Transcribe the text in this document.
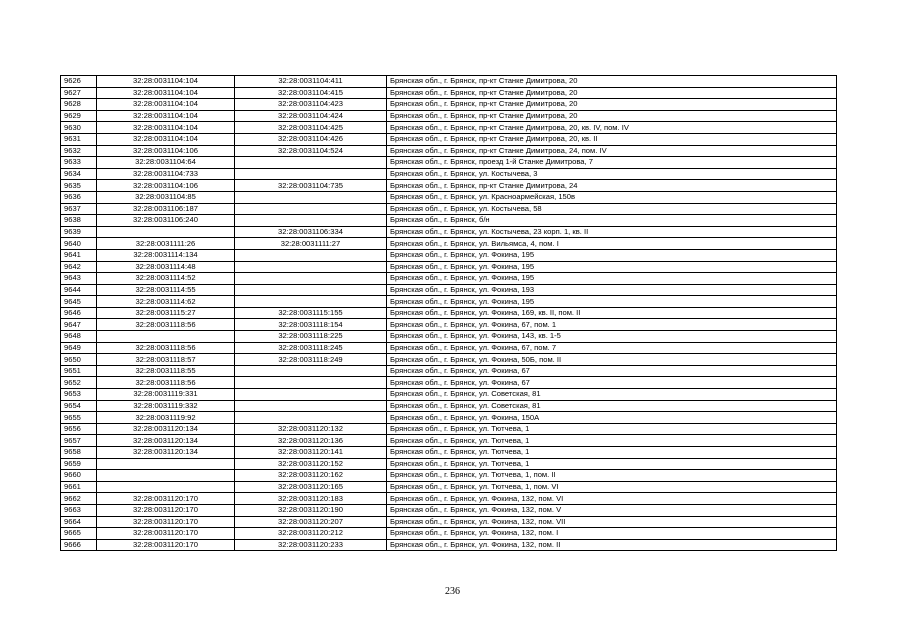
9626	32:28:0031104:104	32:28:0031104:411	Брянская обл., г. Брянск, пр-кт Станке Димитрова, 20
9627	32:28:0031104:104	32:28:0031104:415	Брянская обл., г. Брянск, пр-кт Станке Димитрова, 20
9628	32:28:0031104:104	32:28:0031104:423	Брянская обл., г. Брянск, пр-кт Станке Димитрова, 20
9629	32:28:0031104:104	32:28:0031104:424	Брянская обл., г. Брянск, пр-кт Станке Димитрова, 20
9630	32:28:0031104:104	32:28:0031104:425	Брянская обл., г. Брянск, пр-кт Станке Димитрова, 20, кв. IV, пом. IV
9631	32:28:0031104:104	32:28:0031104:426	Брянская обл., г. Брянск, пр-кт Станке Димитрова, 20, кв. II
9632	32:28:0031104:106	32:28:0031104:524	Брянская обл., г. Брянск, пр-кт Станке Димитрова, 24, пом. IV
9633	32:28:0031104:64		Брянская обл., г. Брянск, проезд 1-й Станке Димитрова, 7
9634	32:28:0031104:733		Брянская обл., г. Брянск, ул. Костычева, 3
9635	32:28:0031104:106	32:28:0031104:735	Брянская обл., г. Брянск, пр-кт Станке Димитрова, 24
9636	32:28:0031104:85		Брянская обл., г. Брянск, ул. Красноармейская, 150в
9637	32:28:0031106:187		Брянская обл., г. Брянск, ул. Костычева, 58
9638	32:28:0031106:240		Брянская обл., г. Брянск, б/н
9639		32:28:0031106:334	Брянская обл., г. Брянск, ул. Костычева, 23 корп. 1, кв. II
9640	32:28:0031111:26	32:28:0031111:27	Брянская обл., г. Брянск, ул. Вильямса, 4, пом. I
9641	32:28:0031114:134		Брянская обл., г. Брянск, ул. Фокина, 195
9642	32:28:0031114:48		Брянская обл., г. Брянск, ул. Фокина, 195
9643	32:28:0031114:52		Брянская обл., г. Брянск, ул. Фокина, 195
9644	32:28:0031114:55		Брянская обл., г. Брянск, ул. Фокина, 193
9645	32:28:0031114:62		Брянская обл., г. Брянск, ул. Фокина, 195
9646	32:28:0031115:27	32:28:0031115:155	Брянская обл., г. Брянск, ул. Фокина, 169, кв. II, пом. II
9647	32:28:0031118:56	32:28:0031118:154	Брянская обл., г. Брянск, ул. Фокина, 67, пом. 1
9648		32:28:0031118:225	Брянская обл., г. Брянск, ул. Фокина, 143, кв. 1-5
9649	32:28:0031118:56	32:28:0031118:245	Брянская обл., г. Брянск, ул. Фокина, 67, пом. 7
9650	32:28:0031118:57	32:28:0031118:249	Брянская обл., г. Брянск, ул. Фокина, 50Б, пом. II
9651	32:28:0031118:55		Брянская обл., г. Брянск, ул. Фокина, 67
9652	32:28:0031118:56		Брянская обл., г. Брянск, ул. Фокина, 67
9653	32:28:0031119:331		Брянская обл., г. Брянск, ул. Советская, 81
9654	32:28:0031119:332		Брянская обл., г. Брянск, ул. Советская, 81
9655	32:28:0031119:92		Брянская обл., г. Брянск, ул. Фокина, 150А
9656	32:28:0031120:134	32:28:0031120:132	Брянская обл., г. Брянск, ул. Тютчева, 1
9657	32:28:0031120:134	32:28:0031120:136	Брянская обл., г. Брянск, ул. Тютчева, 1
9658	32:28:0031120:134	32:28:0031120:141	Брянская обл., г. Брянск, ул. Тютчева, 1
9659		32:28:0031120:152	Брянская обл., г. Брянск, ул. Тютчева, 1
9660		32:28:0031120:162	Брянская обл., г. Брянск, ул. Тютчева, 1, пом. II
9661		32:28:0031120:165	Брянская обл., г. Брянск, ул. Тютчева, 1, пом. VI
9662	32:28:0031120:170	32:28:0031120:183	Брянская обл., г. Брянск, ул. Фокина, 132, пом. VI
9663	32:28:0031120:170	32:28:0031120:190	Брянская обл., г. Брянск, ул. Фокина, 132, пом. V
9664	32:28:0031120:170	32:28:0031120:207	Брянская обл., г. Брянск, ул. Фокина, 132, пом. VII
9665	32:28:0031120:170	32:28:0031120:212	Брянская обл., г. Брянск, ул. Фокина, 132, пом. I
9666	32:28:0031120:170	32:28:0031120:233	Брянская обл., г. Брянск, ул. Фокина, 132, пом. II
236
